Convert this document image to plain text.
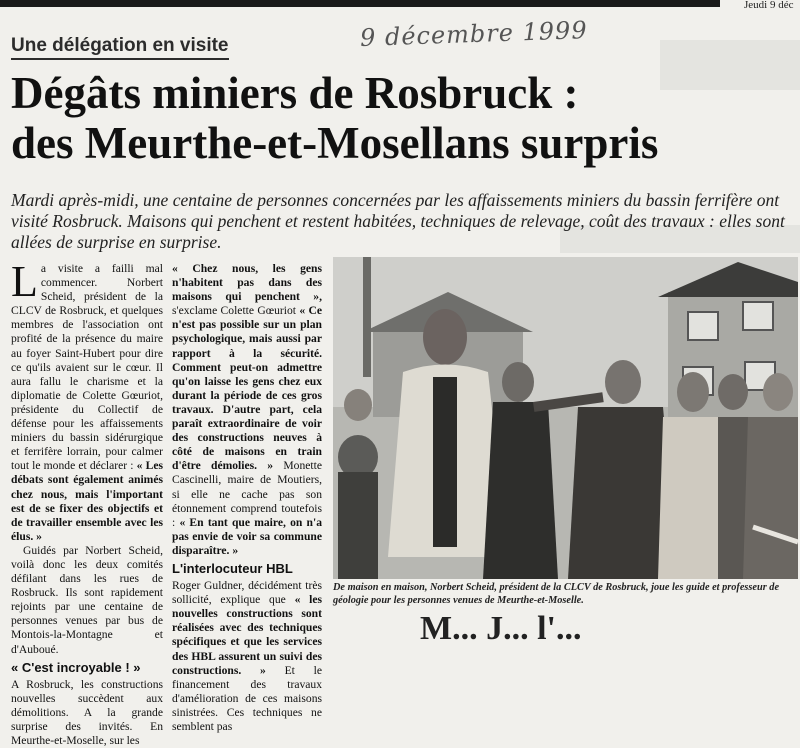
Jeudi 9 déc
9 décembre 1999
Une délégation en visite
Dégâts miniers de Rosbruck :
des Meurthe-et-Mosellans surpris
Mardi après-midi, une centaine de personnes concernées par les affaissements miniers du bassin ferrifère ont visité Rosbruck. Maisons qui penchent et restent habitées, techniques de relevage, coût des travaux : elles sont allées de surprise en surprise.

La visite a failli mal commencer. Norbert Scheid, président de la CLCV de Rosbruck, et quelques membres de l'association ont profité de la présence du maire au foyer Saint-Hubert pour dire ce qu'ils avaient sur le cœur. Il aura fallu le charisme et la diplomatie de Colette Gœuriot, présidente du Collectif de défense pour les affaissements miniers du bassin sidérurgique et ferrifère lorrain, pour calmer tout le monde et déclarer : « Les débats sont également animés chez nous, mais l'important est de se fixer des objectifs et de travailler ensemble avec les élus. »

Guidés par Norbert Scheid, voilà donc les deux comités défilant dans les rues de Rosbruck. Ils sont rapidement rejoints par une centaine de personnes venues par bus de Montois-la-Montagne et d'Auboué.

« C'est incroyable ! »

A Rosbruck, les constructions nouvelles succèdent aux démolitions. A la grande surprise des invités. En Meurthe-et-Moselle, sur les

« Chez nous, les gens n'habitent pas dans des maisons qui penchent », s'exclame Colette Gœuriot « Ce n'est pas possible sur un plan psychologique, mais aussi par rapport à la sécurité. Comment peut-on admettre qu'on laisse les gens chez eux durant la période de ces gros travaux. D'autre part, cela paraît extraordinaire de voir des constructions neuves à côté de maisons en train d'être démolies. » Monette Cascinelli, maire de Moutiers, si elle ne cache pas son étonnement comprend toutefois : « En tant que maire, on n'a pas envie de voir sa commune disparaître. »

L'interlocuteur HBL

Roger Guldner, décidément très sollicité, explique que « les nouvelles constructions sont réalisées avec des techniques spécifiques et que les services des HBL assurent un suivi des constructions. » Et le financement des travaux d'amélioration de ces maisons sinistrées. Ces techniques ne semblent pas

De maison en maison, Norbert Scheid, président de la CLCV de Rosbruck, joue les guide et professeur de géologie pour les personnes venues de Meurthe-et-Moselle.
M... J... l'...
